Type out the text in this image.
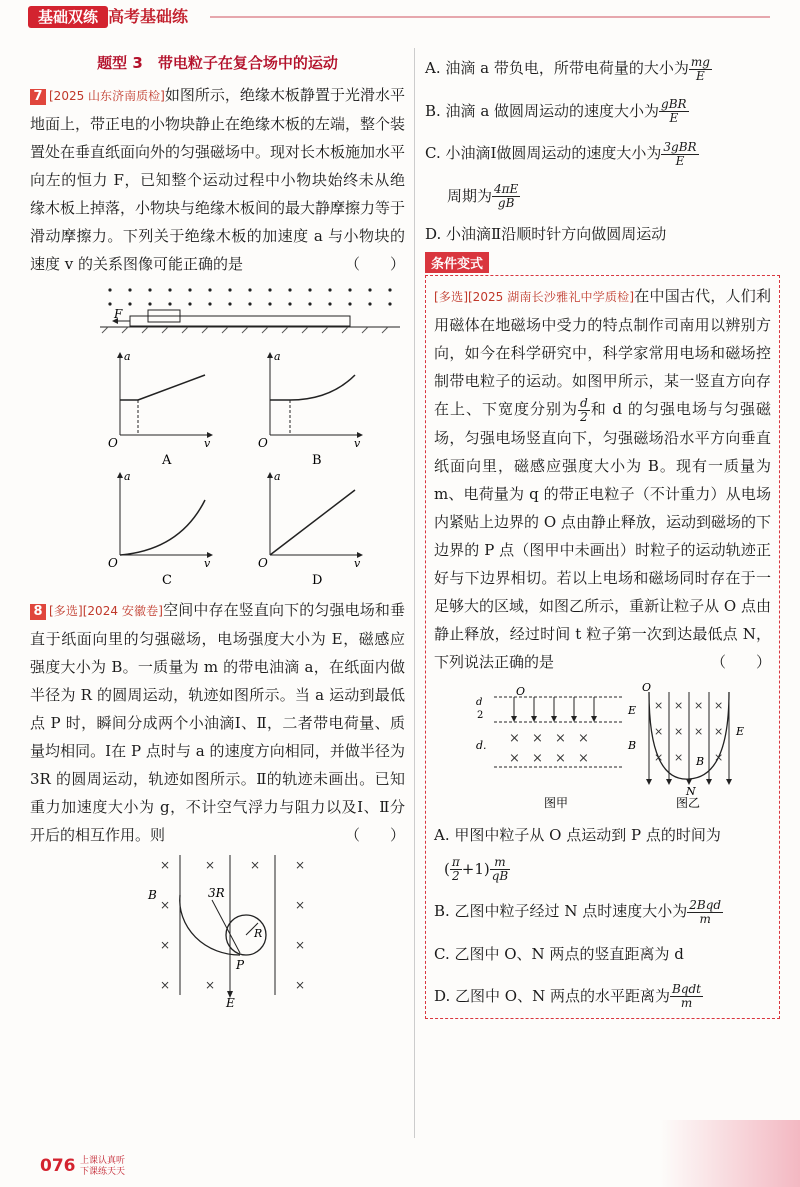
基础双练 高考基础练
题型 3　带电粒子在复合场中的运动
7 [2025 山东济南质检]如图所示，绝缘木板静置于光滑水平地面上，带正电的小物块静止在绝缘木板的左端，整个装置处在垂直纸面向外的匀强磁场中。现对长木板施加水平向左的恒力 F，已知整个运动过程中小物块始终未从绝缘木板上掉落，小物块与绝缘木板间的最大静摩擦力等于滑动摩擦力。下列关于绝缘木板的加速度 a 与小物块的速度 v 的关系图像可能正确的是	（　　）
F
a
v
O
A
a
v
O
B
a
v
O
C
a
v
O
D
8 [多选][2024 安徽卷]空间中存在竖直向下的匀强电场和垂直于纸面向里的匀强磁场，电场强度大小为 E，磁感应强度大小为 B。一质量为 m 的带电油滴 a，在纸面内做半径为 R 的圆周运动，轨迹如图所示。当 a 运动到最低点 P 时，瞬间分成两个小油滴Ⅰ、Ⅱ，二者带电荷量、质量均相同。Ⅰ在 P 点时与 a 的速度方向相同，并做半径为 3R 的圆周运动，轨迹如图所示。Ⅱ的轨迹未画出。已知重力加速度大小为 g，不计空气浮力与阻力以及Ⅰ、Ⅱ分开后的相互作用。则	（　　）
×	×	×	×
×	×
×	×
×	×	×
B	3R
R
P
E
A. 油滴 a 带负电，所带电荷量的大小为 $\frac{mg}{E}$
B. 油滴 a 做圆周运动的速度大小为 $\frac{\text{gBR}}{E}$
C. 小油滴Ⅰ做圆周运动的速度大小为 $\frac{\text{3gBR}}{E}$
周期为 $\frac{4\pi E}{gB}$
D. 小油滴Ⅱ沿顺时针方向做圆周运动
条件变式
[多选][2025 湖南长沙雅礼中学质检]在中国古代，人们利用磁体在地磁场中受力的特点制作司南用以辨别方向，如今在科学研究中，科学家常用电场和磁场控制带电粒子的运动。如图甲所示，某一竖直方向存在上、下宽度分别为 $\frac{d}{2}$ 和 d 的匀强电场与匀强磁场，匀强电场竖直向下，匀强磁场沿水平方向垂直纸面向里，磁感应强度大小为 B。现有一质量为 m、电荷量为 q 的带正电粒子（不计重力）从电场内紧贴上边界的 O 点由静止释放，运动到磁场的下边界的 P 点（图甲中未画出）时粒子的运动轨迹正好与下边界相切。若以上电场和磁场同时存在于一足够大的区域，如图乙所示，重新让粒子从 O 点由静止释放，经过时间 t 粒子第一次到达最低点 N，下列说法正确的是	（　　）
× × × ×
× × × ×
O
d
2
d.
E
B
图甲
× × × ×
× × × ×
× ×	×
O
E
B
N
图乙
A. 甲图中粒子从 O 点运动到 P 点的时间为
( $\frac{\pi}{2} +1) \frac{m}{qB}$
B. 乙图中粒子经过 N 点时速度大小为 $\frac{\text{2Bqd}}{m}$
C. 乙图中 O、N 两点的竖直距离为 d
D. 乙图中 O、N 两点的水平距离为 $\frac{\text{Bqdt}}{m}$
076 上课认真听
下课练天天
